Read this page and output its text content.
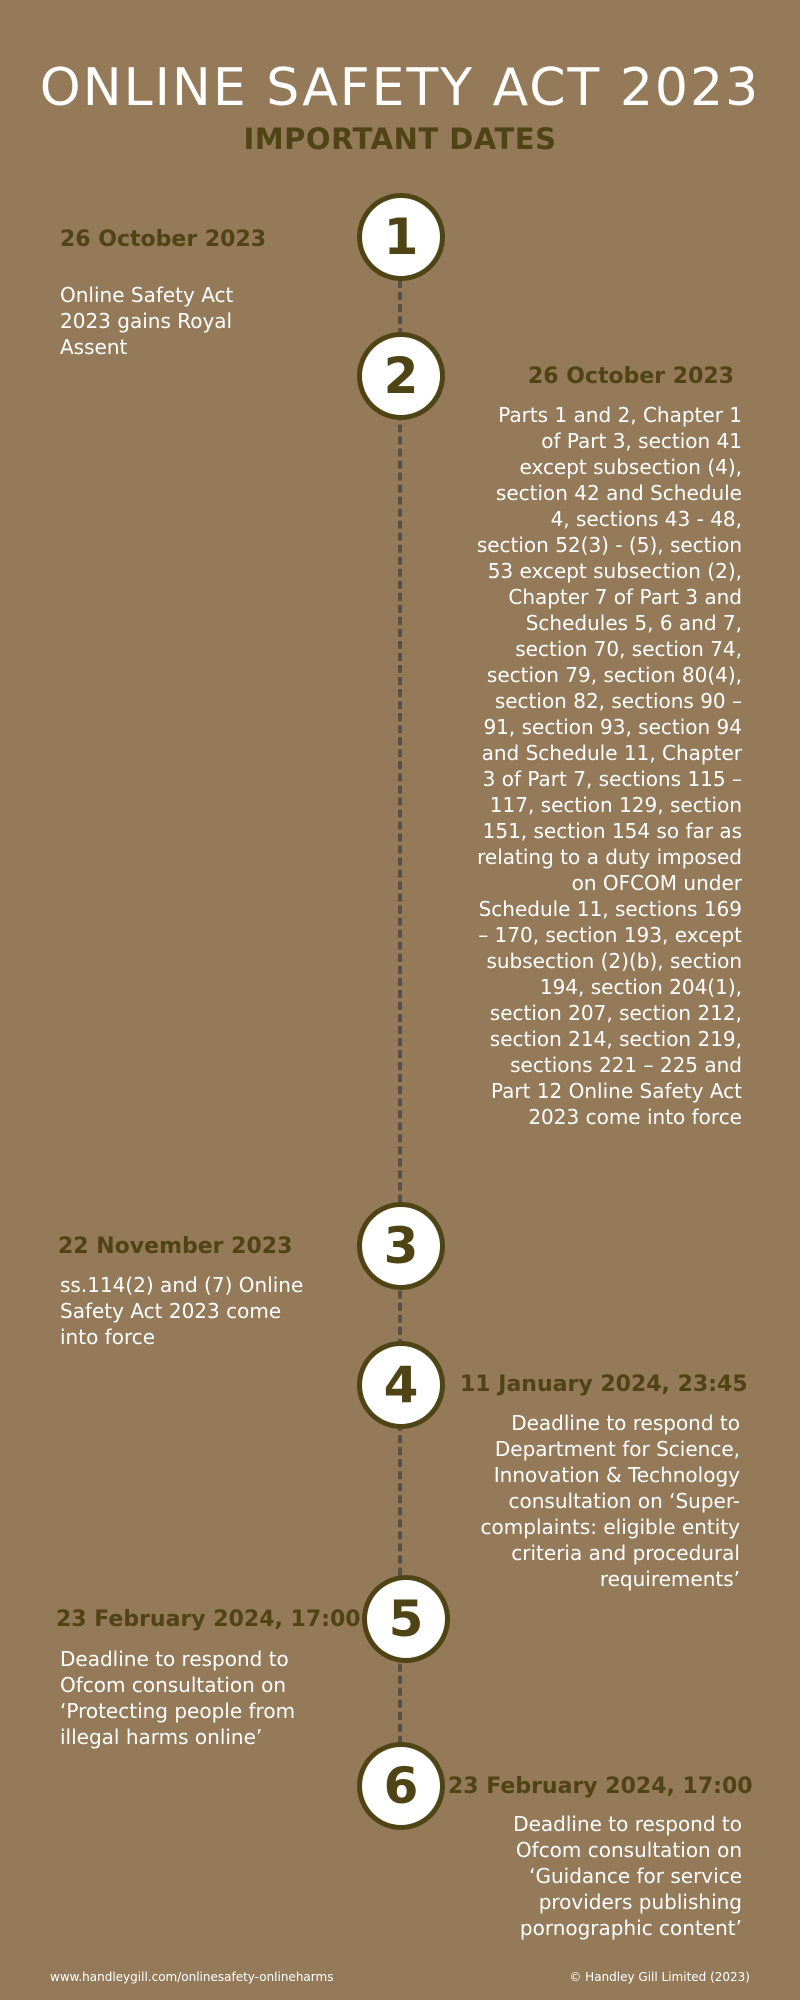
ONLINE SAFETY ACT 2023
IMPORTANT DATES
1
26 October 2023
Online Safety Act 2023 gains Royal Assent	2	26 October 2023
Parts 1 and 2, Chapter 1 of Part 3, section 41 except subsection (4), section 42 and Schedule 4, sections 43 - 48, section 52(3) - (5), section 53 except subsection (2), Chapter 7 of Part 3 and Schedules 5, 6 and 7, section 70, section 74, section 79, section 80(4), section 82, sections 90 – 91, section 93, section 94 and Schedule 11, Chapter 3 of Part 7, sections 115 – 117, section 129, section 151, section 154 so far as relating to a duty imposed on OFCOM under Schedule 11, sections 169 – 170, section 193, except subsection (2)(b), section 194, section 204(1), section 207, section 212, section 214, section 219, sections 221 – 225 and Part 12 Online Safety Act 2023 come into force
3
22 November 2023
ss.114(2) and (7) Online Safety Act 2023 come into force
4 11 January 2024, 23:45
Deadline to respond to Department for Science, Innovation & Technology consultation on ‘Super-complaints: eligible entity criteria and procedural requirements’
5
23 February 2024, 17:00
Deadline to respond to Ofcom consultation on ‘Protecting people from illegal harms online’
6 23 February 2024, 17:00
Deadline to respond to Ofcom consultation on ‘Guidance for service providers publishing pornographic content’
www.handleygill.com/onlinesafety-onlineharms	© Handley Gill Limited (2023)
